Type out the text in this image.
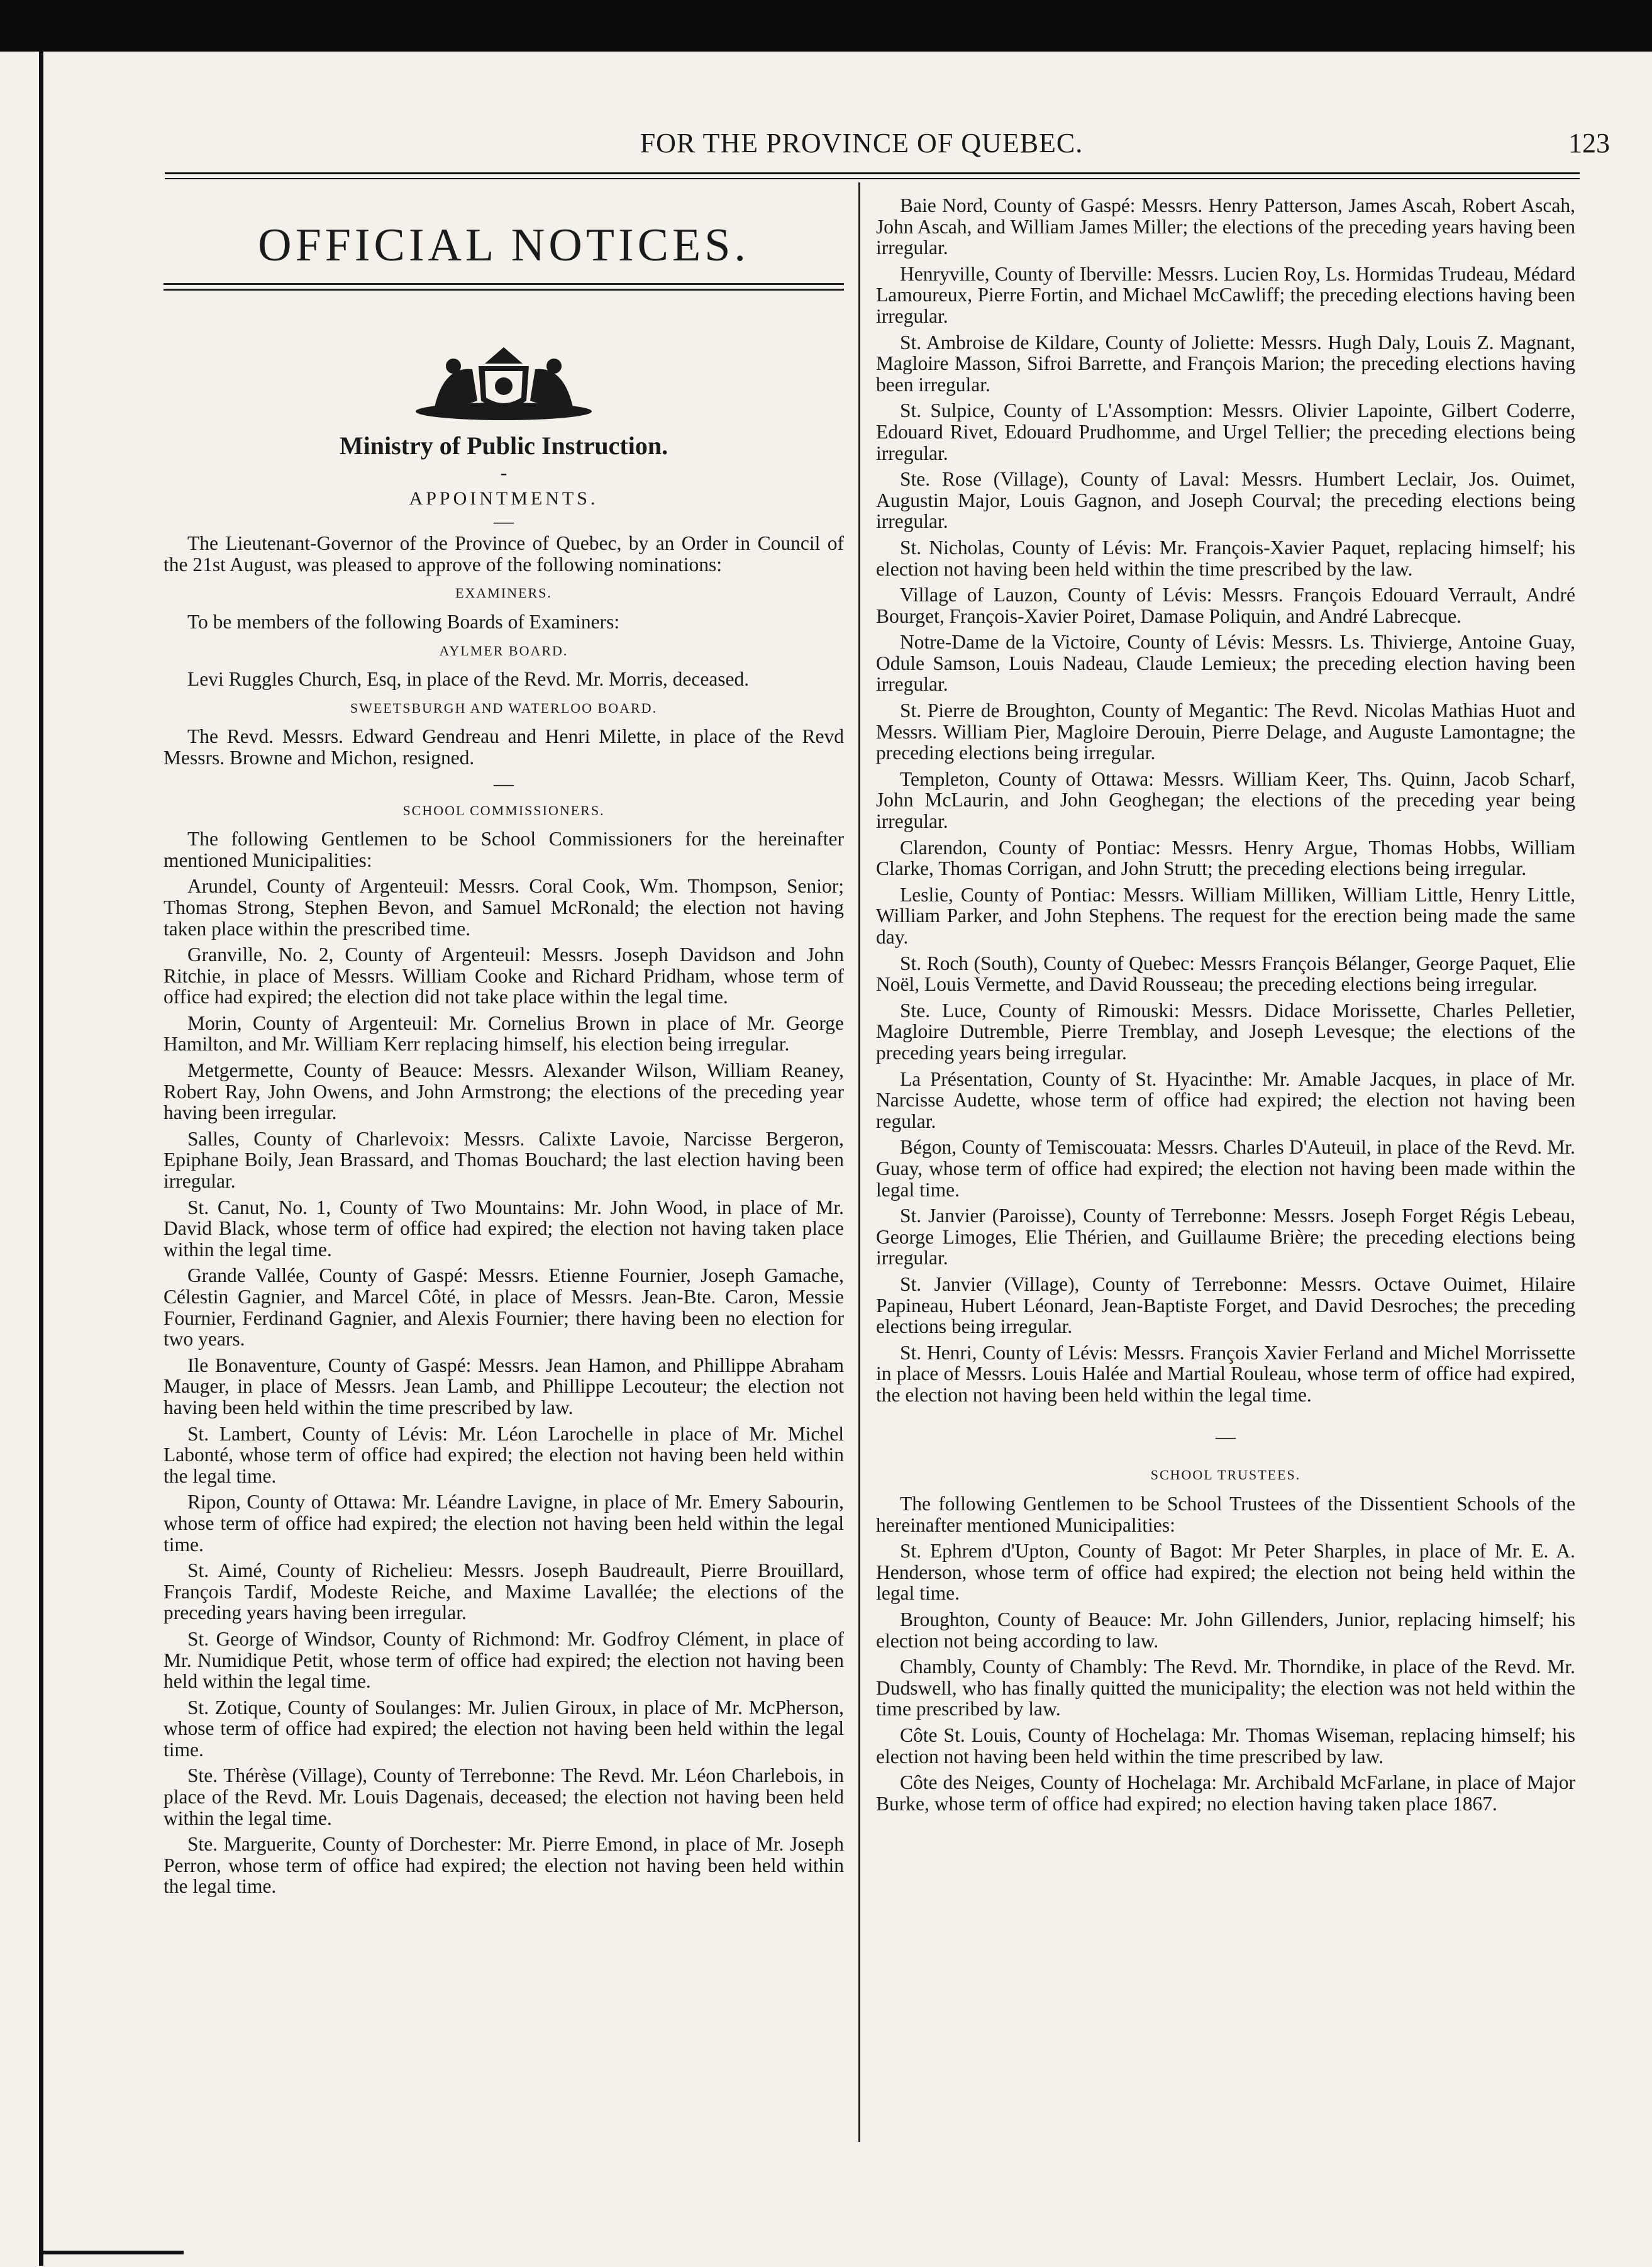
FOR THE PROVINCE OF QUEBEC.	123
OFFICIAL NOTICES.
Ministry of Public Instruction.
-
APPOINTMENTS.
—

The Lieutenant-Governor of the Province of Quebec, by an Order in Council of the 21st August, was pleased to approve of the following nominations:

EXAMINERS.

To be members of the following Boards of Examiners:

AYLMER BOARD.

Levi Ruggles Church, Esq, in place of the Revd. Mr. Morris, deceased.

SWEETSBURGH AND WATERLOO BOARD.

The Revd. Messrs. Edward Gendreau and Henri Milette, in place of the Revd Messrs. Browne and Michon, resigned.

—
SCHOOL COMMISSIONERS.

The following Gentlemen to be School Commissioners for the hereinafter mentioned Municipalities:

Arundel, County of Argenteuil: Messrs. Coral Cook, Wm. Thompson, Senior; Thomas Strong, Stephen Bevon, and Samuel McRonald; the election not having taken place within the prescribed time.

Granville, No. 2, County of Argenteuil: Messrs. Joseph Davidson and John Ritchie, in place of Messrs. William Cooke and Richard Pridham, whose term of office had expired; the election did not take place within the legal time.

Morin, County of Argenteuil: Mr. Cornelius Brown in place of Mr. George Hamilton, and Mr. William Kerr replacing himself, his election being irregular.

Metgermette, County of Beauce: Messrs. Alexander Wilson, William Reaney, Robert Ray, John Owens, and John Armstrong; the elections of the preceding year having been irregular.

Salles, County of Charlevoix: Messrs. Calixte Lavoie, Narcisse Bergeron, Epiphane Boily, Jean Brassard, and Thomas Bouchard; the last election having been irregular.

St. Canut, No. 1, County of Two Mountains: Mr. John Wood, in place of Mr. David Black, whose term of office had expired; the election not having taken place within the legal time.

Grande Vallée, County of Gaspé: Messrs. Etienne Fournier, Joseph Gamache, Célestin Gagnier, and Marcel Côté, in place of Messrs. Jean-Bte. Caron, Messie Fournier, Ferdinand Gagnier, and Alexis Fournier; there having been no election for two years.

Ile Bonaventure, County of Gaspé: Messrs. Jean Hamon, and Phillippe Abraham Mauger, in place of Messrs. Jean Lamb, and Phillippe Lecouteur; the election not having been held within the time prescribed by law.

St. Lambert, County of Lévis: Mr. Léon Larochelle in place of Mr. Michel Labonté, whose term of office had expired; the election not having been held within the legal time.

Ripon, County of Ottawa: Mr. Léandre Lavigne, in place of Mr. Emery Sabourin, whose term of office had expired; the election not having been held within the legal time.

St. Aimé, County of Richelieu: Messrs. Joseph Baudreault, Pierre Brouillard, François Tardif, Modeste Reiche, and Maxime Lavallée; the elections of the preceding years having been irregular.

St. George of Windsor, County of Richmond: Mr. Godfroy Clément, in place of Mr. Numidique Petit, whose term of office had expired; the election not having been held within the legal time.

St. Zotique, County of Soulanges: Mr. Julien Giroux, in place of Mr. McPherson, whose term of office had expired; the election not having been held within the legal time.

Ste. Thérèse (Village), County of Terrebonne: The Revd. Mr. Léon Charlebois, in place of the Revd. Mr. Louis Dagenais, deceased; the election not having been held within the legal time.

Ste. Marguerite, County of Dorchester: Mr. Pierre Emond, in place of Mr. Joseph Perron, whose term of office had expired; the election not having been held within the legal time.

Baie Nord, County of Gaspé: Messrs. Henry Patterson, James Ascah, Robert Ascah, John Ascah, and William James Miller; the elections of the preceding years having been irregular.

Henryville, County of Iberville: Messrs. Lucien Roy, Ls. Hormidas Trudeau, Médard Lamoureux, Pierre Fortin, and Michael McCawliff; the preceding elections having been irregular.

St. Ambroise de Kildare, County of Joliette: Messrs. Hugh Daly, Louis Z. Magnant, Magloire Masson, Sifroi Barrette, and François Marion; the preceding elections having been irregular.

St. Sulpice, County of L'Assomption: Messrs. Olivier Lapointe, Gilbert Coderre, Edouard Rivet, Edouard Prudhomme, and Urgel Tellier; the preceding elections being irregular.

Ste. Rose (Village), County of Laval: Messrs. Humbert Leclair, Jos. Ouimet, Augustin Major, Louis Gagnon, and Joseph Courval; the preceding elections being irregular.

St. Nicholas, County of Lévis: Mr. François-Xavier Paquet, replacing himself; his election not having been held within the time prescribed by the law.

Village of Lauzon, County of Lévis: Messrs. François Edouard Verrault, André Bourget, François-Xavier Poiret, Damase Poliquin, and André Labrecque.

Notre-Dame de la Victoire, County of Lévis: Messrs. Ls. Thivierge, Antoine Guay, Odule Samson, Louis Nadeau, Claude Lemieux; the preceding election having been irregular.

St. Pierre de Broughton, County of Megantic: The Revd. Nicolas Mathias Huot and Messrs. William Pier, Magloire Derouin, Pierre Delage, and Auguste Lamontagne; the preceding elections being irregular.

Templeton, County of Ottawa: Messrs. William Keer, Ths. Quinn, Jacob Scharf, John McLaurin, and John Geoghegan; the elections of the preceding year being irregular.

Clarendon, County of Pontiac: Messrs. Henry Argue, Thomas Hobbs, William Clarke, Thomas Corrigan, and John Strutt; the preceding elections being irregular.

Leslie, County of Pontiac: Messrs. William Milliken, William Little, Henry Little, William Parker, and John Stephens. The request for the erection being made the same day.

St. Roch (South), County of Quebec: Messrs François Bélanger, George Paquet, Elie Noël, Louis Vermette, and David Rousseau; the preceding elections being irregular.

Ste. Luce, County of Rimouski: Messrs. Didace Morissette, Charles Pelletier, Magloire Dutremble, Pierre Tremblay, and Joseph Levesque; the elections of the preceding years being irregular.

La Présentation, County of St. Hyacinthe: Mr. Amable Jacques, in place of Mr. Narcisse Audette, whose term of office had expired; the election not having been regular.

Bégon, County of Temiscouata: Messrs. Charles D'Auteuil, in place of the Revd. Mr. Guay, whose term of office had expired; the election not having been made within the legal time.

St. Janvier (Paroisse), County of Terrebonne: Messrs. Joseph Forget Régis Lebeau, George Limoges, Elie Thérien, and Guillaume Brière; the preceding elections being irregular.

St. Janvier (Village), County of Terrebonne: Messrs. Octave Ouimet, Hilaire Papineau, Hubert Léonard, Jean-Baptiste Forget, and David Desroches; the preceding elections being irregular.

St. Henri, County of Lévis: Messrs. François Xavier Ferland and Michel Morrissette in place of Messrs. Louis Halée and Martial Rouleau, whose term of office had expired, the election not having been held within the legal time.

—
SCHOOL TRUSTEES.

The following Gentlemen to be School Trustees of the Dissentient Schools of the hereinafter mentioned Municipalities:

St. Ephrem d'Upton, County of Bagot: Mr Peter Sharples, in place of Mr. E. A. Henderson, whose term of office had expired; the election not being held within the legal time.

Broughton, County of Beauce: Mr. John Gillenders, Junior, replacing himself; his election not being according to law.

Chambly, County of Chambly: The Revd. Mr. Thorndike, in place of the Revd. Mr. Dudswell, who has finally quitted the municipality; the election was not held within the time prescribed by law.

Côte St. Louis, County of Hochelaga: Mr. Thomas Wiseman, replacing himself; his election not having been held within the time prescribed by law.

Côte des Neiges, County of Hochelaga: Mr. Archibald McFarlane, in place of Major Burke, whose term of office had expired; no election having taken place 1867.
